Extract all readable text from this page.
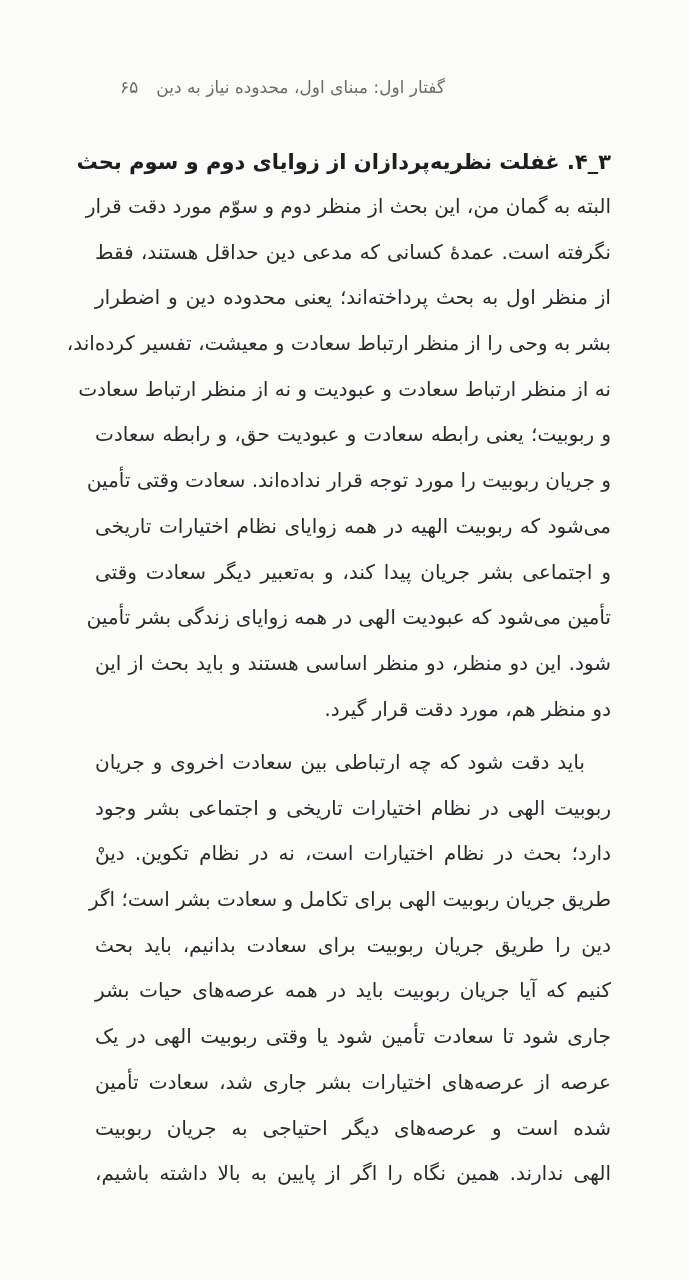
گفتار اول: مبنای اول، محدوده نیاز به دین
۶۵
۳_۴. غفلت نظریه‌پردازان از زوایای دوم و سوم بحث
البته به گمان من، این بحث از منظر دوم و سوّم مورد دقت قرار
نگرفته است. عمدهٔ کسانی که مدعی دین حداقل هستند، فقط
از منظر اول به بحث پرداخته‌اند؛ یعنی محدوده دین و اضطرار
بشر به وحی را از منظر ارتباط سعادت و معیشت، تفسیر کرده‌اند،
نه از منظر ارتباط سعادت و عبودیت و نه از منظر ارتباط سعادت
و ربوبیت؛ یعنی رابطه سعادت و عبودیت حق، و رابطه سعادت
و جریان ربوبیت را مورد توجه قرار نداده‌اند. سعادت وقتی تأمین
می‌شود که ربوبیت الهیه در همه زوایای نظام اختیارات تاریخی
و اجتماعی بشر جریان پیدا کند، و به‌تعبیر دیگر سعادت وقتی
تأمین می‌شود که عبودیت الهی در همه زوایای زندگی بشر تأمین
شود. این دو منظر، دو منظر اساسی هستند و باید بحث از این
دو منظر هم، مورد دقت قرار گیرد.
باید دقت شود که چه ارتباطی بین سعادت اخروی و جریان
ربوبیت الهی در نظام اختیارات تاریخی و اجتماعی بشر وجود
دارد؛ بحث در نظام اختیارات است، نه در نظام تکوین. دینْ
طریق جریان ربوبیت الهی برای تکامل و سعادت بشر است؛ اگر
دین را طریق جریان ربوبیت برای سعادت بدانیم، باید بحث
کنیم که آیا جریان ربوبیت باید در همه عرصه‌های حیات بشر
جاری شود تا سعادت تأمین شود یا وقتی ربوبیت الهی در یک
عرصه از عرصه‌های اختیارات بشر جاری شد، سعادت تأمین
شده است و عرصه‌های دیگر احتیاجی به جریان ربوبیت
الهی ندارند. همین نگاه را اگر از پایین به بالا داشته باشیم،
